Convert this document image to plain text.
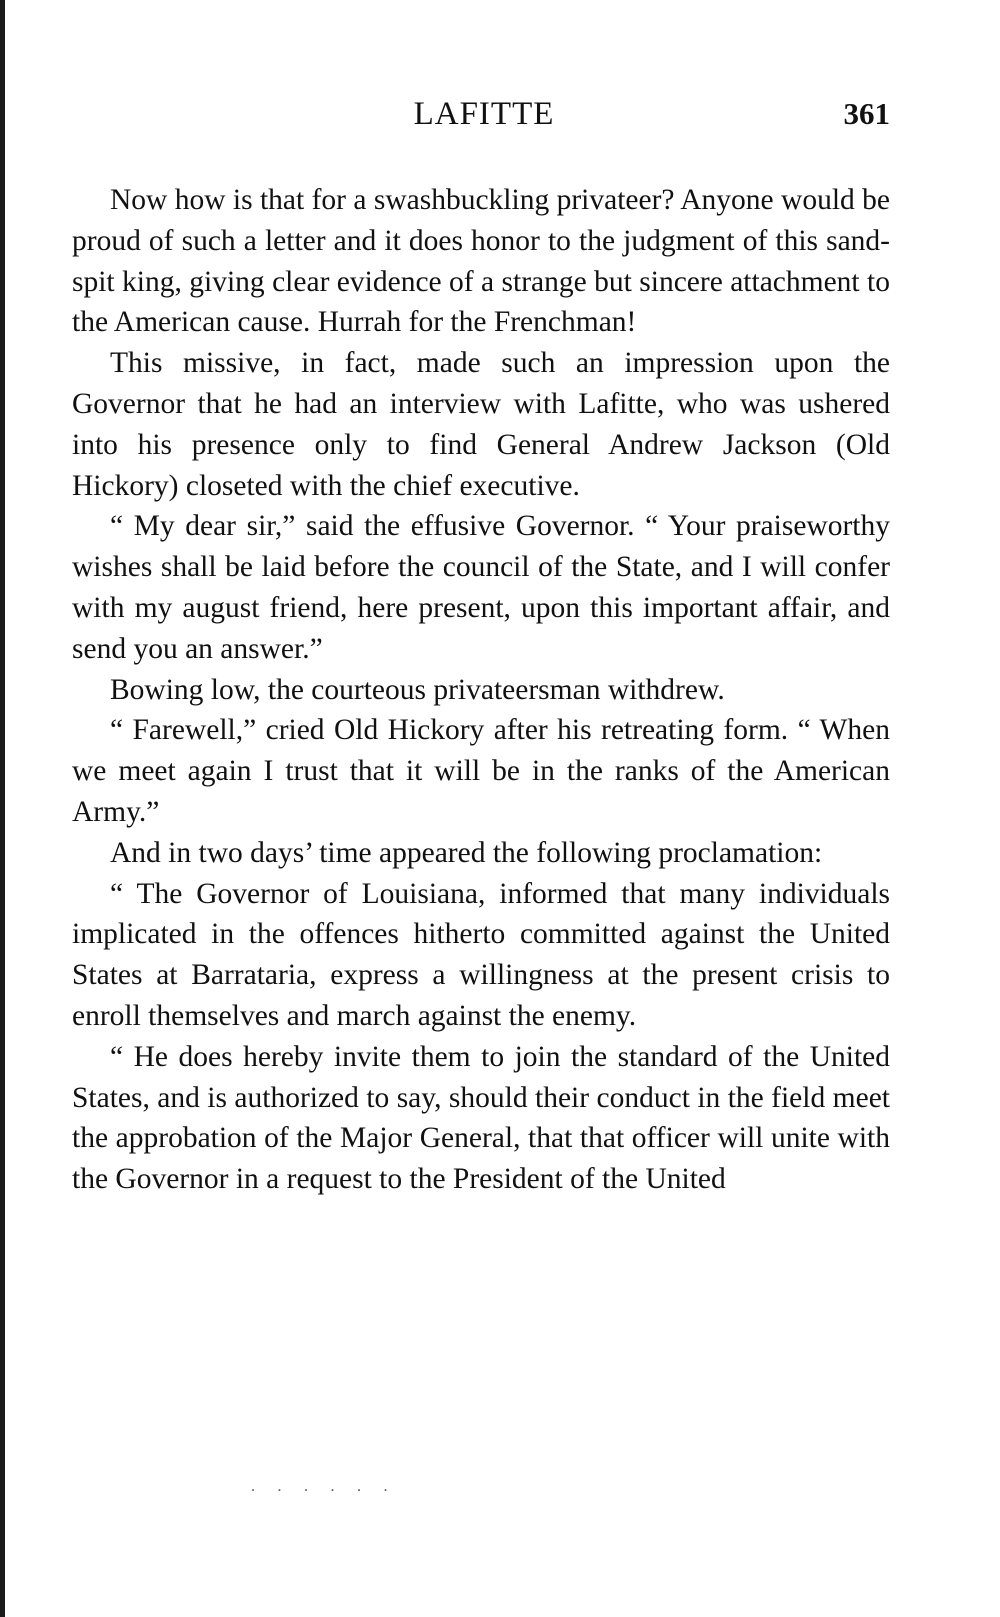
LAFITTE	361

Now how is that for a swashbuckling privateer? Anyone would be proud of such a letter and it does honor to the judgment of this sand-spit king, giving clear evidence of a strange but sincere attachment to the American cause. Hurrah for the Frenchman!

This missive, in fact, made such an impression upon the Governor that he had an interview with Lafitte, who was ushered into his presence only to find General Andrew Jackson (Old Hickory) closeted with the chief executive.

“ My dear sir,” said the effusive Governor. “ Your praiseworthy wishes shall be laid before the council of the State, and I will confer with my august friend, here present, upon this important affair, and send you an answer.”

Bowing low, the courteous privateersman withdrew.

“ Farewell,” cried Old Hickory after his retreating form. “ When we meet again I trust that it will be in the ranks of the American Army.”

And in two days’ time appeared the following proclamation:

“ The Governor of Louisiana, informed that many individuals implicated in the offences hitherto committed against the United States at Barrataria, express a willingness at the present crisis to enroll themselves and march against the enemy.

“ He does hereby invite them to join the standard of the United States, and is authorized to say, should their conduct in the field meet the approbation of the Major General, that that officer will unite with the Governor in a request to the President of the United

˙ ˙ ˙ ˙ ˙ ˙
